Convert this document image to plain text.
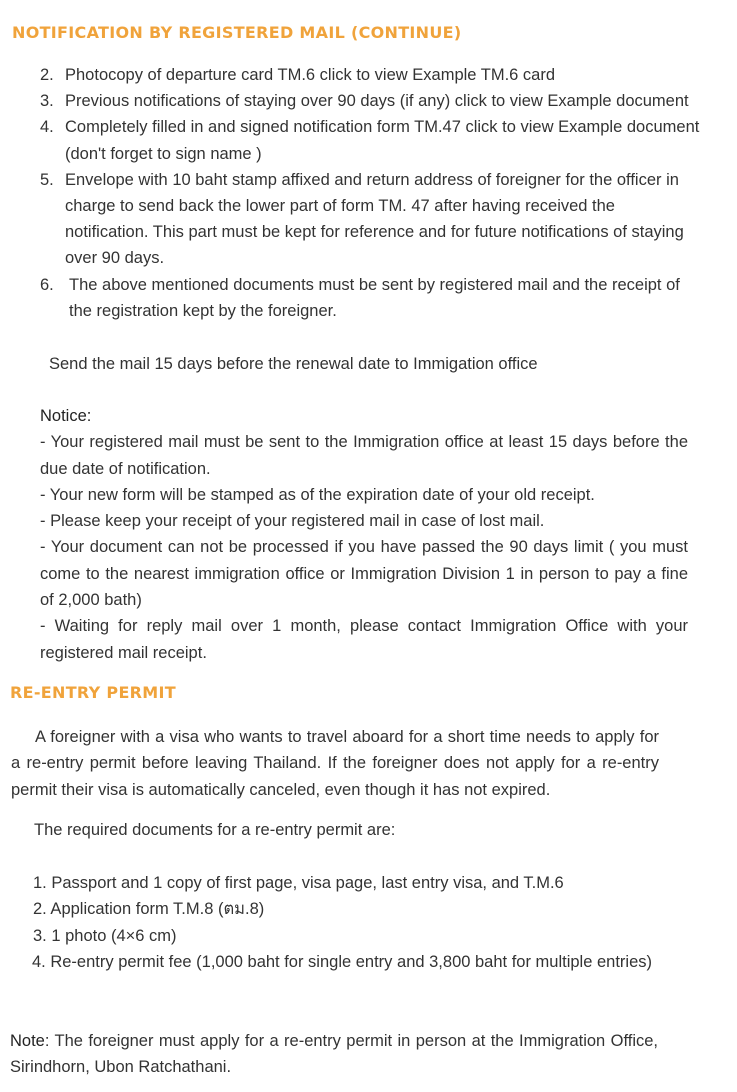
NOTIFICATION BY REGISTERED MAIL (CONTINUE)
2. Photocopy of departure card TM.6 click to view Example TM.6 card
3. Previous notifications of staying over 90 days (if any) click to view Example document
4. Completely filled in and signed notification form TM.47 click to view Example document (don't forget to sign name )
5. Envelope with 10 baht stamp affixed and return address of foreigner for the officer in charge to send back the lower part of form TM. 47 after having received the notification. This part must be kept for reference and for future notifications of staying over 90 days.
6. The above mentioned documents must be sent by registered mail and the receipt of the registration kept by the foreigner.
Send the mail 15 days before the renewal date to Immigation office
Notice:
- Your registered mail must be sent to the Immigration office at least 15 days before the due date of notification.
- Your new form will be stamped as of the expiration date of your old receipt.
- Please keep your receipt of your registered mail in case of lost mail.
- Your document can not be processed if you have passed the 90 days limit ( you must come to the nearest immigration office or Immigration Division 1 in person to pay a fine of 2,000 bath)
- Waiting for reply mail over 1 month, please contact Immigration Office with your registered mail receipt.
RE-ENTRY PERMIT

A foreigner with a visa who wants to travel aboard for a short time needs to apply for a re-entry permit before leaving Thailand. If the foreigner does not apply for a re-entry permit their visa is automatically canceled, even though it has not expired.

The required documents for a re-entry permit are:

1. Passport and 1 copy of first page, visa page, last entry visa, and T.M.6
2. Application form T.M.8 (ตม.8)
3. 1 photo (4×6 cm)
4. Re-entry permit fee (1,000 baht for single entry and 3,800 baht for multiple entries)
Note: The foreigner must apply for a re-entry permit in person at the Immigration Office, Sirindhorn, Ubon Ratchathani.
